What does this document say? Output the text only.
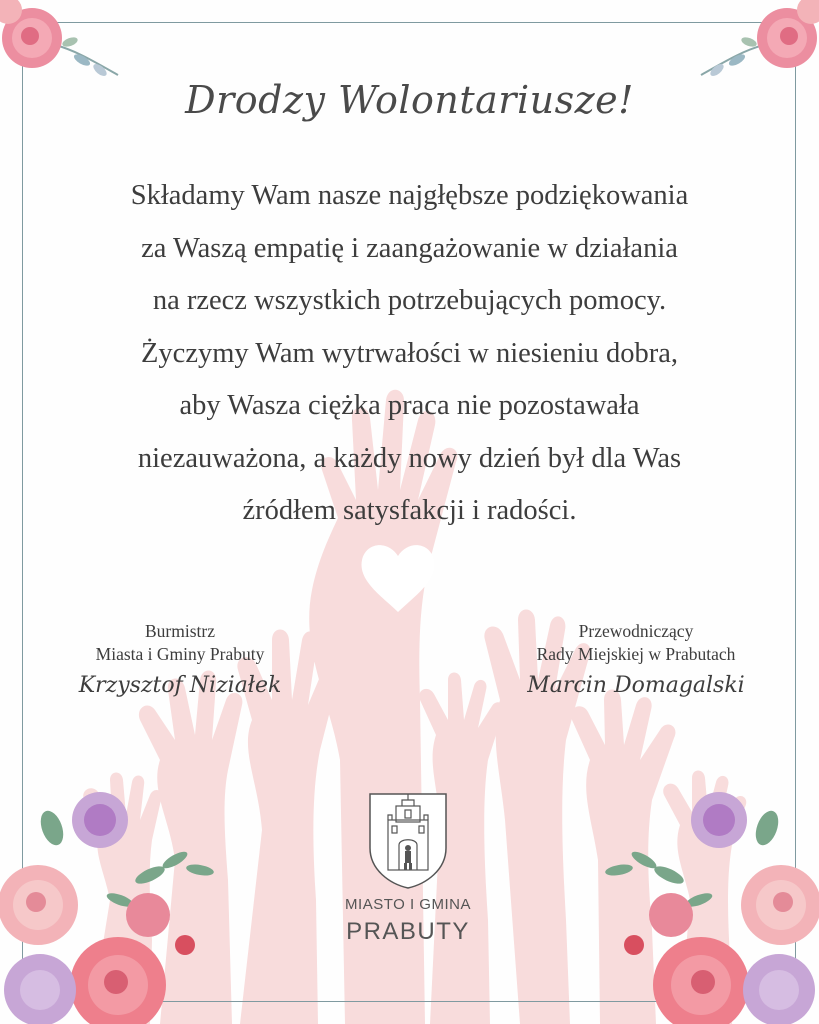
Drodzy Wolontariusze!
Składamy Wam nasze najgłębsze podziękowania
za Waszą empatię i zaangażowanie w działania
na rzecz wszystkich potrzebujących pomocy.
Życzymy Wam wytrwałości w niesieniu dobra,
aby Wasza ciężka praca nie pozostawała
niezauważona, a każdy nowy dzień był dla Was
źródłem satysfakcji i radości.
Burmistrz
Miasta i Gminy Prabuty
Krzysztof Niziałek
Przewodniczący
Rady Miejskiej w Prabutach
Marcin Domagalski
MIASTO I GMINA
PRABUTY
